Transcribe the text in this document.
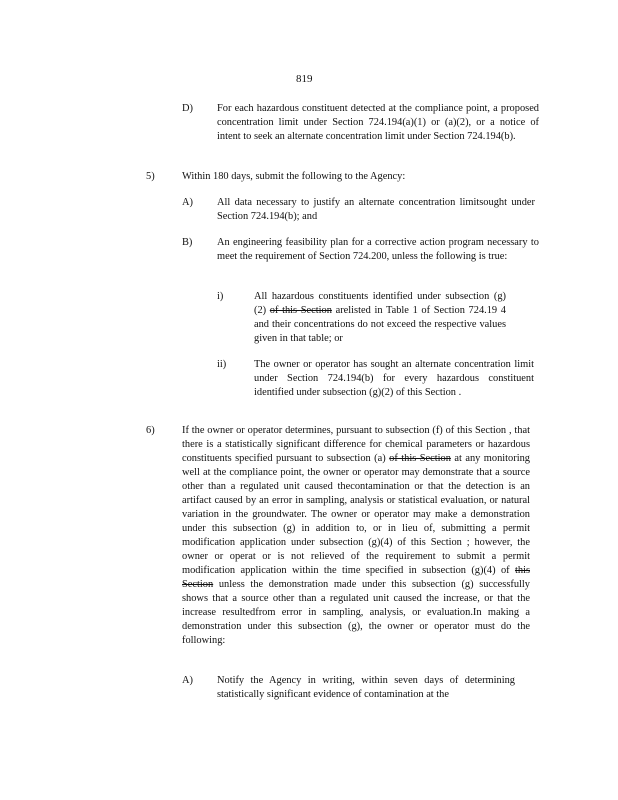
819
D) For each hazardous constituent detected at the compliance point, a proposed concentration limit under Section 724.194(a)(1) or (a)(2), or a notice of intent to seek an alternate concentration limit under Section 724.194(b).
5)	Within 180 days, submit the following to the Agency:
A) All data necessary to justify an alternate concentration limitsought under Section 724.194(b); and
B) An engineering feasibility plan for a corrective action program necessary to meet the requirement of Section 724.200, unless the following is true:
i)	All hazardous constituents identified under subsection (g)(2) of this Section arelisted in Table 1 of Section 724.19 4 and their concentrations do not exceed the respective values given in that table; or
ii)	The owner or operator has sought an alternate concentration limit under Section 724.194(b) for every hazardous constituent identified under subsection (g)(2) of this Section .
6)	If the owner or operator determines, pursuant to subsection (f) of this Section , that there is a statistically significant difference for chemical parameters or hazardous constituents specified pursuant to subsection (a) of this Section at any monitoring well at the compliance point, the owner or operator may demonstrate that a source other than a regulated unit caused thecontamination or that the detection is an artifact caused by an error in sampling, analysis or statistical evaluation, or natural variation in the groundwater. The owner or operator may make a demonstration under this subsection (g) in addition to, or in lieu of, submitting a permit modification application under subsection (g)(4) of this Section ; however, the owner or operat or is not relieved of the requirement to submit a permit modification application within the time specified in subsection (g)(4) of this Section unless the demonstration made under this subsection (g) successfully shows that a source other than a regulated unit caused the increase, or that the increase resultedfrom error in sampling, analysis, or evaluation.In making a demonstration under this subsection (g), the owner or operator must do the following:
A) Notify the Agency in writing, within seven days of determining statistically significant evidence of contamination at the
